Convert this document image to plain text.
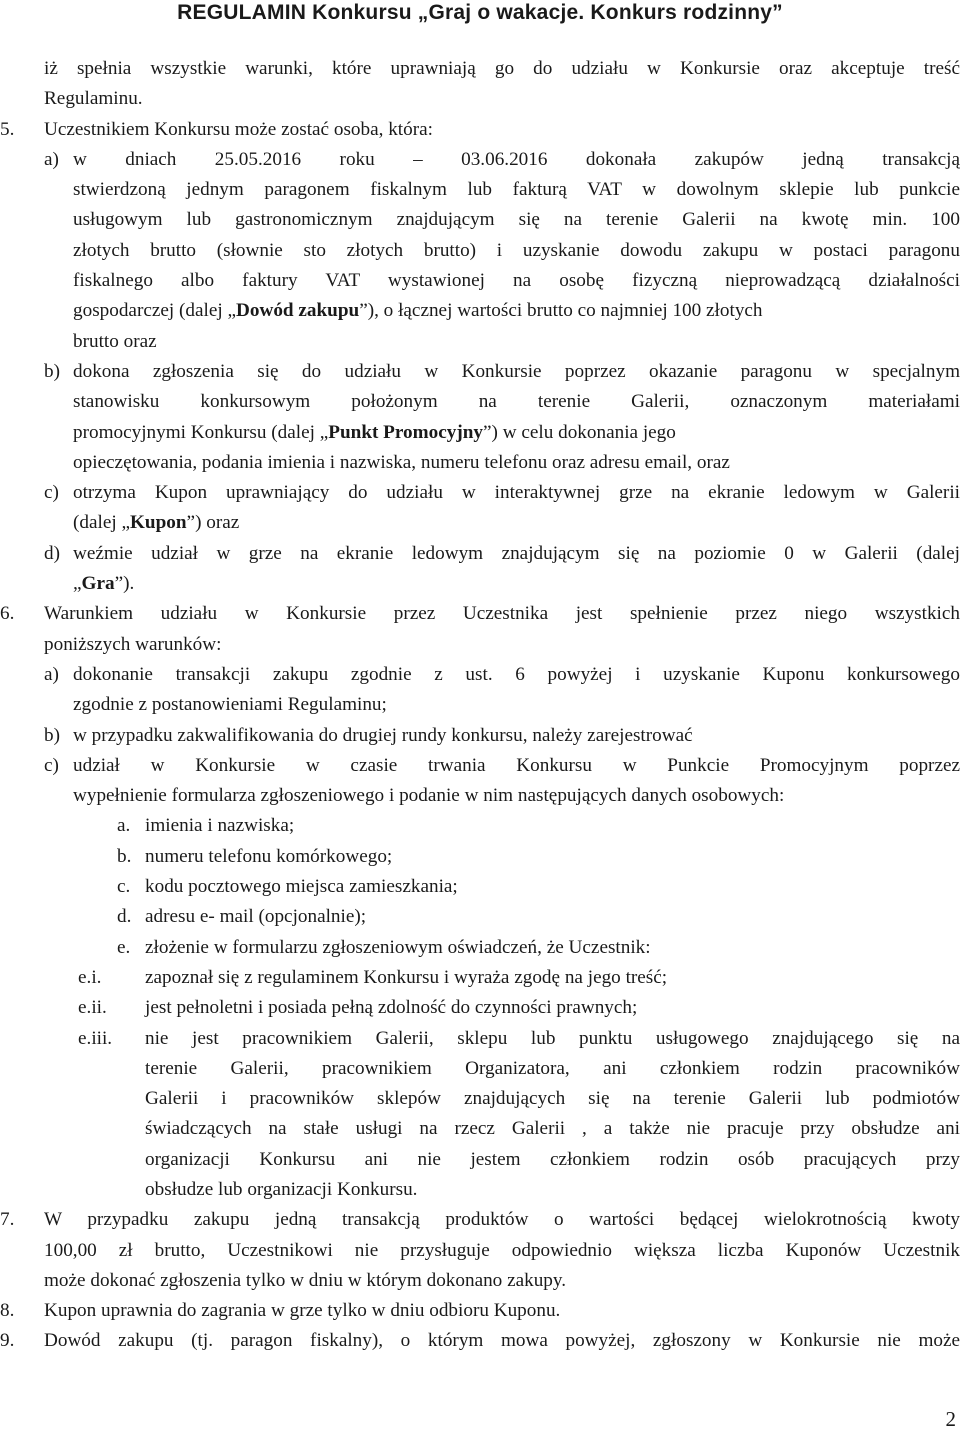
REGULAMIN Konkursu „Graj o wakacje. Konkurs rodzinny”
iż spełnia wszystkie warunki, które uprawniają go do udziału w Konkursie oraz akceptuje treść
Regulaminu.
5. Uczestnikiem Konkursu może zostać osoba, która:
a) w dniach 25.05.2016 roku – 03.06.2016 dokonała zakupów jedną transakcją
stwierdzoną jednym paragonem fiskalnym lub fakturą VAT w dowolnym sklepie lub punkcie
usługowym lub gastronomicznym znajdującym się na terenie Galerii na kwotę min. 100
złotych brutto (słownie sto złotych brutto) i uzyskanie dowodu zakupu w postaci paragonu
fiskalnego albo faktury VAT wystawionej na osobę fizyczną nieprowadzącą działalności
gospodarczej (dalej „Dowód zakupu”), o łącznej wartości brutto co najmniej 100 złotych
brutto oraz
b) dokona zgłoszenia się do udziału w Konkursie poprzez okazanie paragonu w specjalnym
stanowisku konkursowym położonym na terenie Galerii, oznaczonym materiałami
promocyjnymi Konkursu (dalej „Punkt Promocyjny”) w celu dokonania jego
opieczętowania, podania imienia i nazwiska, numeru telefonu oraz adresu email, oraz
c) otrzyma Kupon uprawniający do udziału w interaktywnej grze na ekranie ledowym w Galerii
(dalej „Kupon”) oraz
d) weźmie udział w grze na ekranie ledowym znajdującym się na poziomie 0 w Galerii (dalej
„Gra”).
6. Warunkiem udziału w Konkursie przez Uczestnika jest spełnienie przez niego wszystkich
poniższych warunków:
a) dokonanie transakcji zakupu zgodnie z ust. 6 powyżej i uzyskanie Kuponu konkursowego
zgodnie z postanowieniami Regulaminu;
b) w przypadku zakwalifikowania do drugiej rundy konkursu, należy zarejestrować
c) udział w Konkursie w czasie trwania Konkursu w Punkcie Promocyjnym poprzez
wypełnienie formularza zgłoszeniowego i podanie w nim następujących danych osobowych:
a. imienia i nazwiska;
b. numeru telefonu komórkowego;
c. kodu pocztowego miejsca zamieszkania;
d. adresu e- mail (opcjonalnie);
e. złożenie w formularzu zgłoszeniowym oświadczeń, że Uczestnik:
e.i. zapoznał się z regulaminem Konkursu i wyraża zgodę na jego treść;
e.ii. jest pełnoletni i posiada pełną zdolność do czynności prawnych;
e.iii. nie jest pracownikiem Galerii, sklepu lub punktu usługowego znajdującego się na
terenie Galerii, pracownikiem Organizatora, ani członkiem rodzin pracowników
Galerii i pracowników sklepów znajdujących się na terenie Galerii lub podmiotów
świadczących na stałe usługi na rzecz Galerii , a także nie pracuje przy obsłudze ani
organizacji Konkursu ani nie jestem członkiem rodzin osób pracujących przy
obsłudze lub organizacji Konkursu.
7. W przypadku zakupu jedną transakcją produktów o wartości będącej wielokrotnością kwoty
100,00 zł brutto, Uczestnikowi nie przysługuje odpowiednio większa liczba Kuponów Uczestnik
może dokonać zgłoszenia tylko w dniu w którym dokonano zakupy.
8. Kupon uprawnia do zagrania w grze tylko w dniu odbioru Kuponu.
9. Dowód zakupu (tj. paragon fiskalny), o którym mowa powyżej, zgłoszony w Konkursie nie może
2
